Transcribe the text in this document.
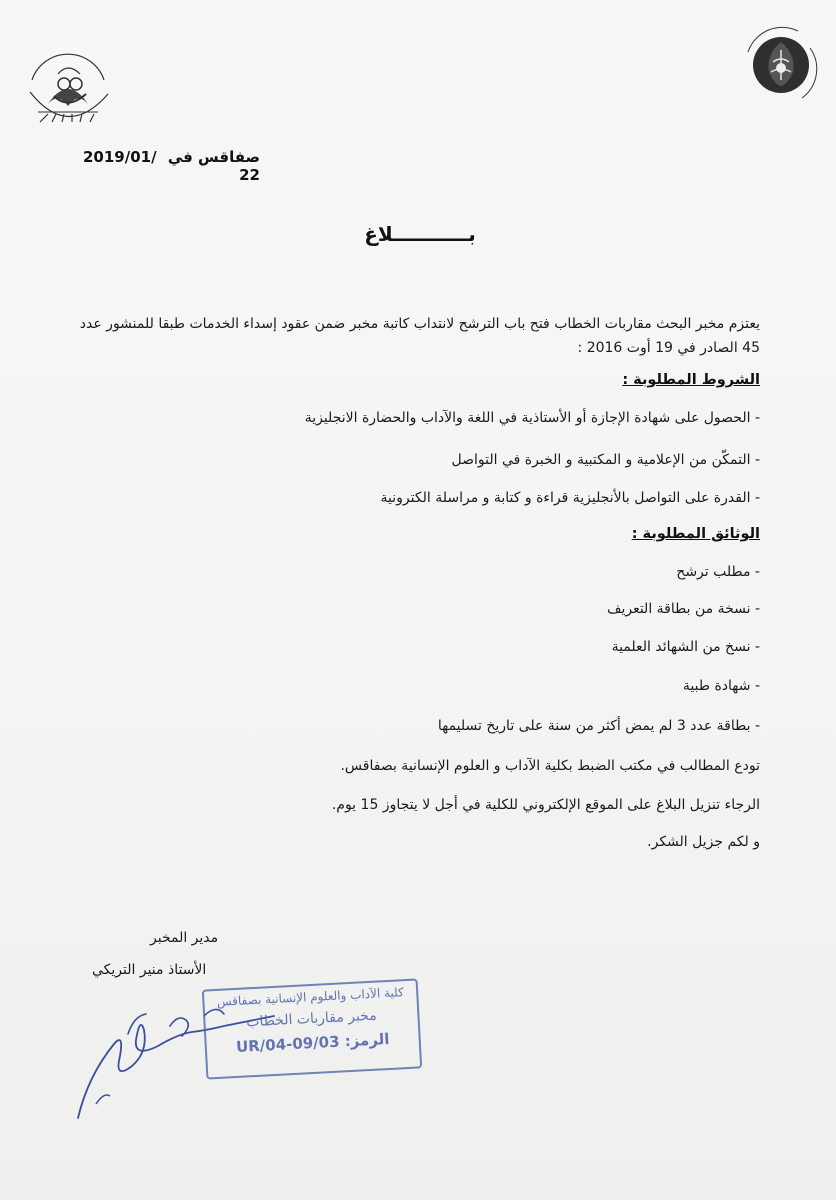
صفاقس في 2019/01/ 22
بـــــــــــلاغ
يعتزم مخبر البحث مقاربات الخطاب فتح باب الترشح لانتداب كاتبة مخبر ضمن عقود إسداء الخدمات طبقا للمنشور عدد 45 الصادر في 19 أوت 2016 :
الشروط المطلوبة :
- الحصول على شهادة الإجازة أو الأستاذية في اللغة والآداب والحضارة الانجليزية
- التمكّن من الإعلامية و المكتبية و الخبرة في التواصل
- القدرة على التواصل بالأنجليزية قراءة و كتابة و مراسلة الكترونية
الوثائق المطلوبة :
- مطلب ترشح
- نسخة من بطاقة التعريف
- نسخ من الشهائد العلمية
- شهادة طبية
- بطاقة عدد 3 لم يمض أكثر من سنة على تاريخ تسليمها
تودع المطالب في مكتب الضبط بكلية الآداب و العلوم الإنسانية بصفاقس.
الرجاء تنزيل البلاغ على الموقع الإلكتروني للكلية في أجل لا يتجاوز 15 يوم.
و لكم جزيل الشكر.
مدير المخبر
الأستاذ منير التريكي
كلية الآداب والعلوم الإنسانية بصفاقس
مخبر مقاربات الخطاب
الرمز: 03/UR/04-09
